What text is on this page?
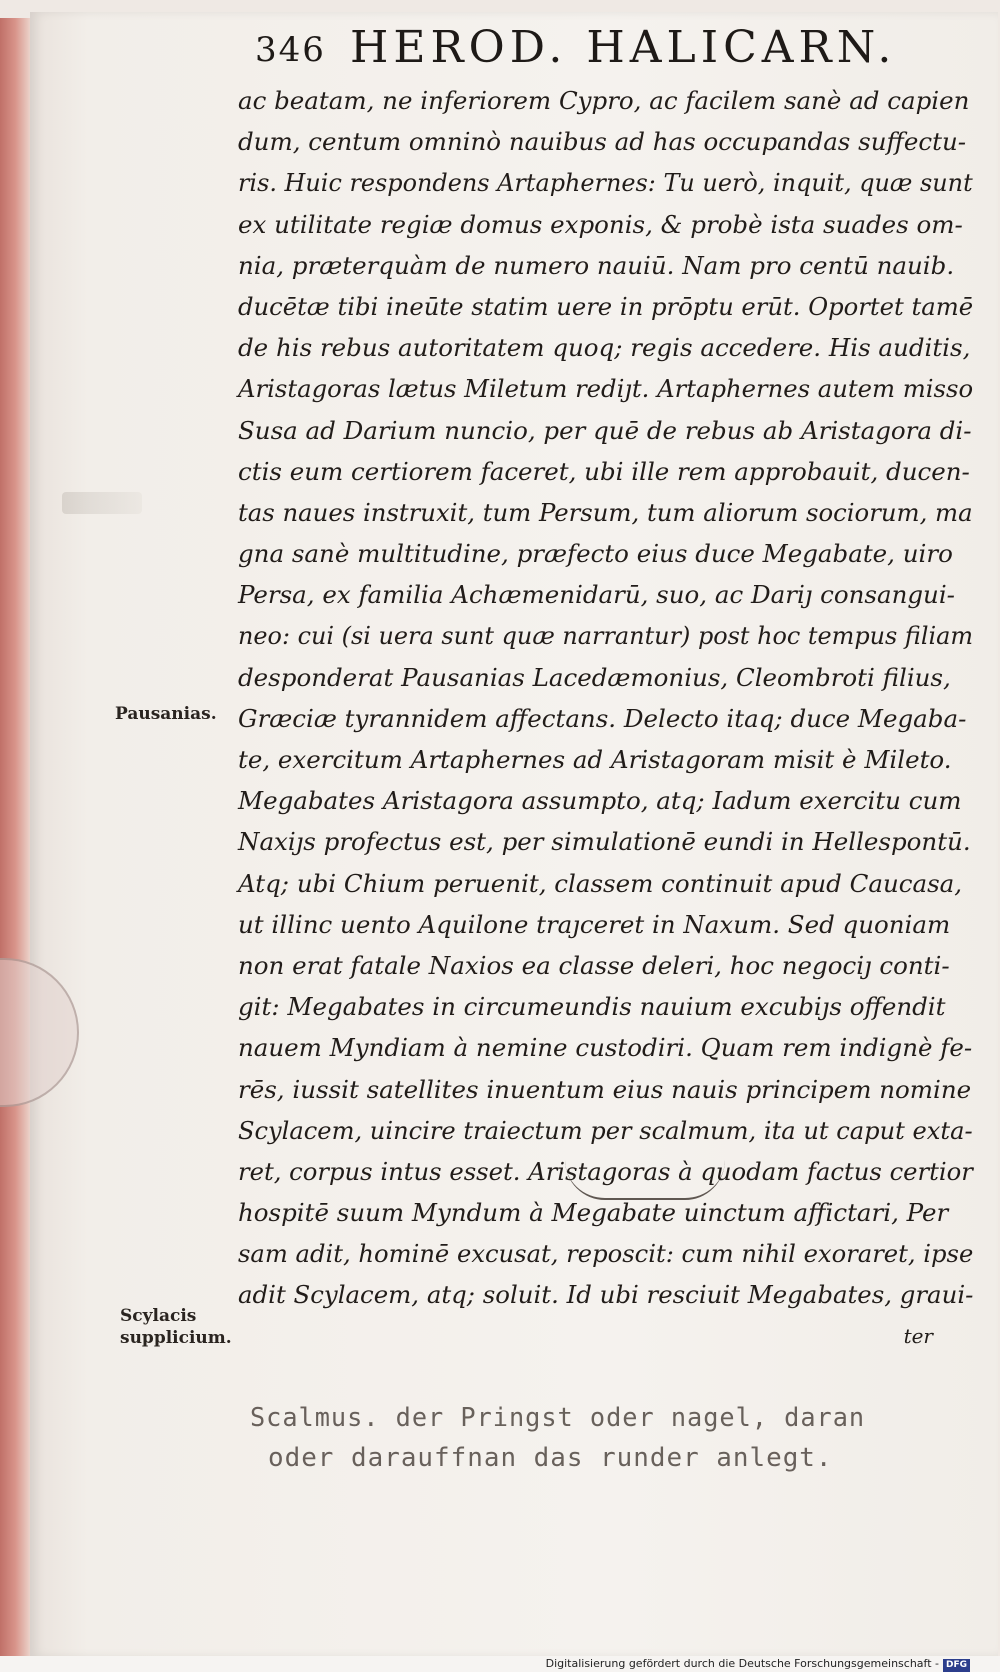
346 HEROD. HALICARN.
ac beatam, ne inferiorem Cypro, ac facilem sanè ad capien
dum, centum omninò nauibus ad has occupandas suffectu-
ris. Huic respondens Artaphernes: Tu uerò, inquit, quæ sunt
ex utilitate regiæ domus exponis, & probè ista suades om-
nia, præterquàm de numero nauiū. Nam pro centū nauib.
ducētæ tibi ineūte statim uere in prōptu erūt. Oportet tamē
de his rebus autoritatem quoq; regis accedere. His auditis,
Aristagoras lætus Miletum rediȷt. Artaphernes autem misso
Susa ad Darium nuncio, per quē de rebus ab Aristagora di-
ctis eum certiorem faceret, ubi ille rem approbauit, ducen-
tas naues instruxit, tum Persum, tum aliorum sociorum, ma
gna sanè multitudine, præfecto eius duce Megabate, uiro
Persa, ex familia Achæmenidarū, suo, ac Dariȷ consangui-
neo: cui (si uera sunt quæ narrantur) post hoc tempus filiam
desponderat Pausanias Lacedæmonius, Cleombroti filius,
Græciæ tyrannidem affectans. Delecto itaq; duce Megaba-
te, exercitum Artaphernes ad Aristagoram misit è Mileto.
Megabates Aristagora assumpto, atq; Iadum exercitu cum
Naxiȷs profectus est, per simulationē eundi in Hellespontū.
Atq; ubi Chium peruenit, classem continuit apud Caucasa,
ut illinc uento Aquilone traȷceret in Naxum. Sed quoniam
non erat fatale Naxios ea classe deleri, hoc negociȷ conti-
git: Megabates in circumeundis nauium excubiȷs offendit
nauem Myndiam à nemine custodiri. Quam rem indignè fe-
rēs, iussit satellites inuentum eius nauis principem nomine
Scylacem, uincire traiectum per scalmum, ita ut caput exta-
ret, corpus intus esset. Aristagoras à quodam factus certior
hospitē suum Myndum à Megabate uinctum affictari, Per
sam adit, hominē excusat, reposcit: cum nihil exoraret, ipse
adit Scylacem, atq; soluit. Id ubi resciuit Megabates, graui-
ter
Pausanias.
Scylacis
supplicium.
Scalmus. der Pringst oder nagel, daran
oder darauffnan das runder anlegt.
Digitalisierung gefördert durch die Deutsche Forschungsgemeinschaft - DFG
